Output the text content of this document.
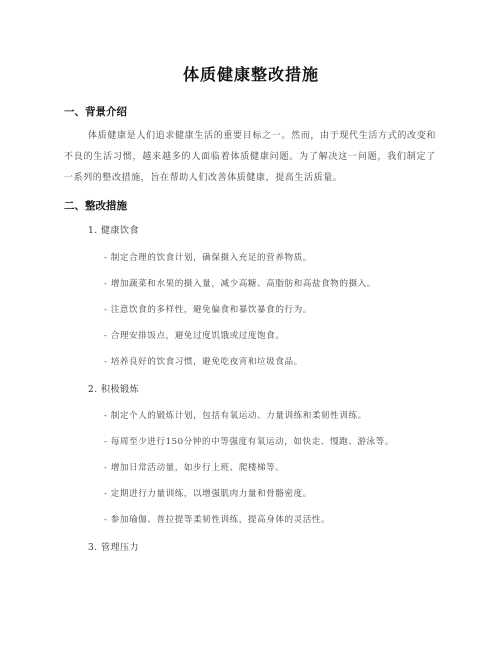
体质健康整改措施
一、背景介绍
体质健康是人们追求健康生活的重要目标之一。然而，由于现代生活方式的改变和不良的生活习惯，越来越多的人面临着体质健康问题。为了解决这一问题，我们制定了一系列的整改措施，旨在帮助人们改善体质健康，提高生活质量。
二、整改措施
1. 健康饮食
- 制定合理的饮食计划，确保摄入充足的营养物质。
- 增加蔬菜和水果的摄入量，减少高糖、高脂肪和高盐食物的摄入。
- 注意饮食的多样性，避免偏食和暴饮暴食的行为。
- 合理安排饭点，避免过度饥饿或过度饱食。
- 培养良好的饮食习惯，避免吃夜宵和垃圾食品。
2. 积极锻炼
- 制定个人的锻炼计划，包括有氧运动、力量训练和柔韧性训练。
- 每周至少进行150分钟的中等强度有氧运动，如快走、慢跑、游泳等。
- 增加日常活动量，如步行上班、爬楼梯等。
- 定期进行力量训练，以增强肌肉力量和骨骼密度。
- 参加瑜伽、普拉提等柔韧性训练，提高身体的灵活性。
3. 管理压力
